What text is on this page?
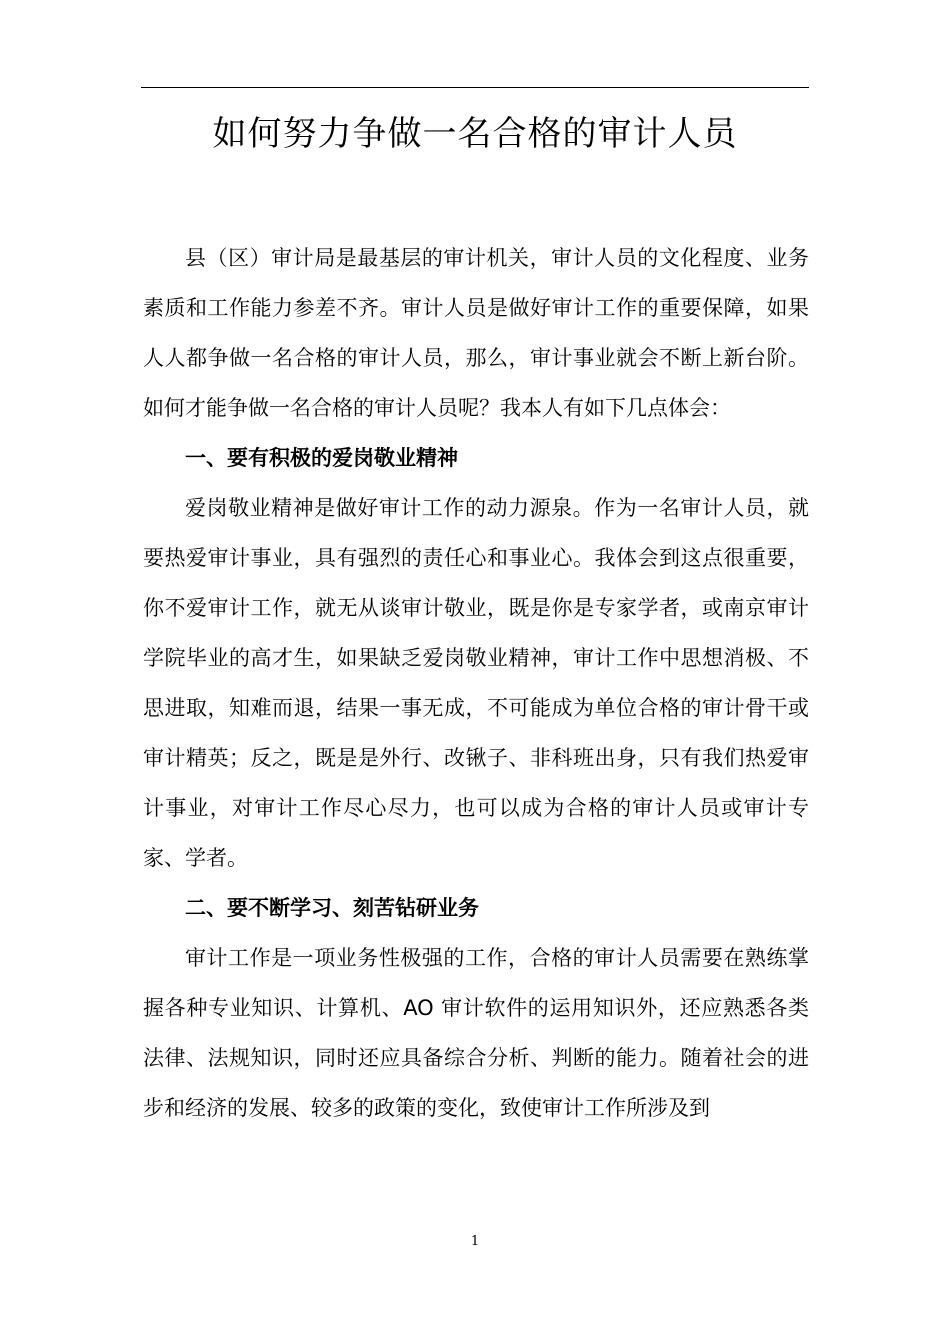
如何努力争做一名合格的审计人员

县（区）审计局是最基层的审计机关，审计人员的文化程度、业务素质和工作能力参差不齐。审计人员是做好审计工作的重要保障，如果人人都争做一名合格的审计人员，那么，审计事业就会不断上新台阶。如何才能争做一名合格的审计人员呢？我本人有如下几点体会：

一、要有积极的爱岗敬业精神

爱岗敬业精神是做好审计工作的动力源泉。作为一名审计人员，就要热爱审计事业，具有强烈的责任心和事业心。我体会到这点很重要，你不爱审计工作，就无从谈审计敬业，既是你是专家学者，或南京审计学院毕业的高才生，如果缺乏爱岗敬业精神，审计工作中思想消极、不思进取，知难而退，结果一事无成，不可能成为单位合格的审计骨干或审计精英；反之，既是是外行、改锹子、非科班出身，只有我们热爱审计事业，对审计工作尽心尽力，也可以成为合格的审计人员或审计专家、学者。

二、要不断学习、刻苦钻研业务

审计工作是一项业务性极强的工作，合格的审计人员需要在熟练掌握各种专业知识、计算机、AO 审计软件的运用知识外，还应熟悉各类法律、法规知识，同时还应具备综合分析、判断的能力。随着社会的进步和经济的发展、较多的政策的变化，致使审计工作所涉及到

1
